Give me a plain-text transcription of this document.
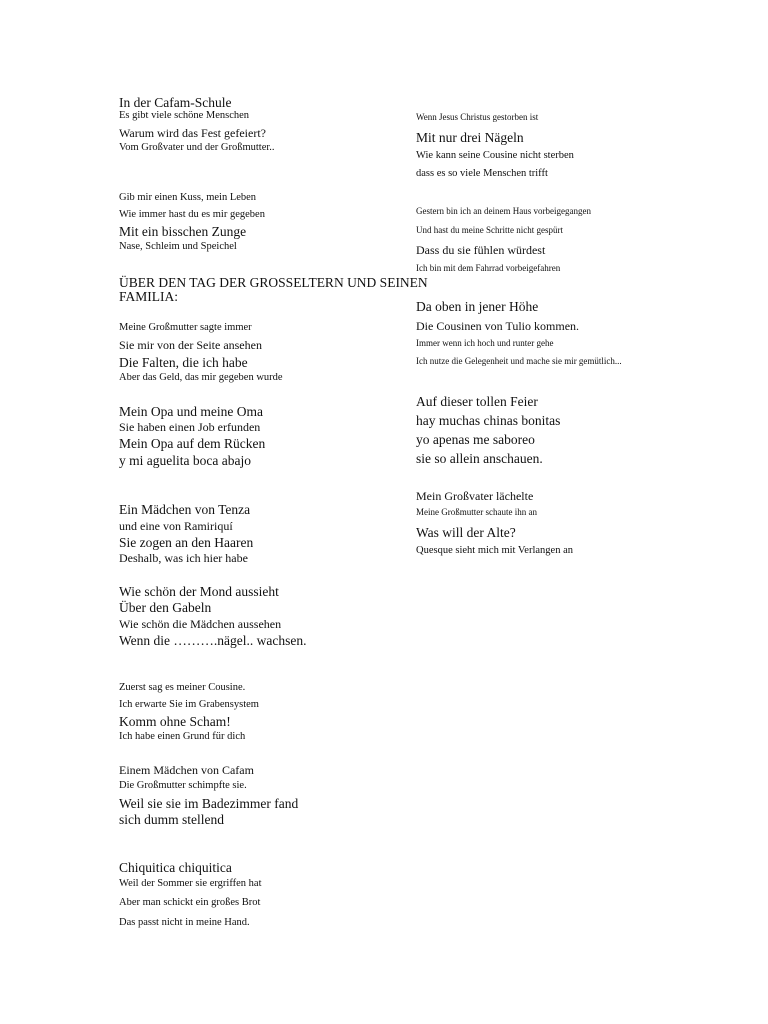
In der Cafam-Schule
Es gibt viele schöne Menschen
Warum wird das Fest gefeiert?
Vom Großvater und der Großmutter..
Gib mir einen Kuss, mein Leben
Wie immer hast du es mir gegeben
Mit ein bisschen Zunge
Nase, Schleim und Speichel
ÜBER DEN TAG DER GROSSELTERN UND SEINEN FAMILIA:
Meine Großmutter sagte immer
Sie mir von der Seite ansehen
Die Falten, die ich habe
Aber das Geld, das mir gegeben wurde
Mein Opa und meine Oma
Sie haben einen Job erfunden
Mein Opa auf dem Rücken
y mi aguelita boca abajo
Ein Mädchen von Tenza
und eine von Ramiriquí
Sie zogen an den Haaren
Deshalb, was ich hier habe
Wie schön der Mond aussieht
Über den Gabeln
Wie schön die Mädchen aussehen
Wenn die ……….nägel.. wachsen.
Zuerst sag es meiner Cousine.
Ich erwarte Sie im Grabensystem
Komm ohne Scham!
Ich habe einen Grund für dich
Einem Mädchen von Cafam
Die Großmutter schimpfte sie.
Weil sie sie im Badezimmer fand
sich dumm stellend
Chiquitica chiquitica
Weil der Sommer sie ergriffen hat
Aber man schickt ein großes Brot
Das passt nicht in meine Hand.
Wenn Jesus Christus gestorben ist
Mit nur drei Nägeln
Wie kann seine Cousine nicht sterben
dass es so viele Menschen trifft
Gestern bin ich an deinem Haus vorbeigegangen
Und hast du meine Schritte nicht gespürt
Dass du sie fühlen würdest
Ich bin mit dem Fahrrad vorbeigefahren
Da oben in jener Höhe
Die Cousinen von Tulio kommen.
Immer wenn ich hoch und runter gehe
Ich nutze die Gelegenheit und mache sie mir gemütlich...
Auf dieser tollen Feier
hay muchas chinas bonitas
yo apenas me saboreo
sie so allein anschauen.
Mein Großvater lächelte
Meine Großmutter schaute ihn an
Was will der Alte?
Quesque sieht mich mit Verlangen an
